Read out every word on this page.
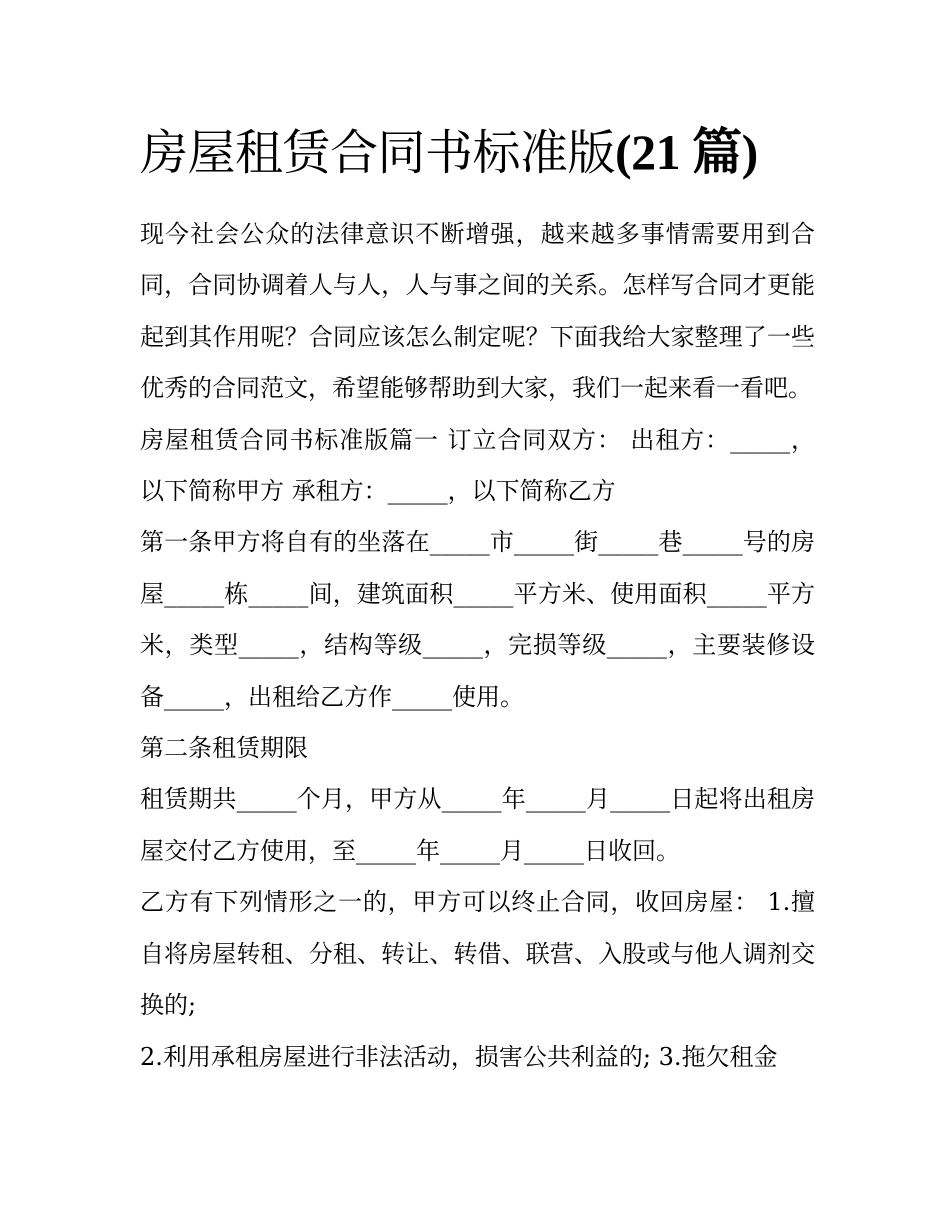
房屋租赁合同书标准版(21 篇)

现今社会公众的法律意识不断增强，越来越多事情需要用到合同，合同协调着人与人，人与事之间的关系。怎样写合同才更能起到其作用呢？合同应该怎么制定呢？下面我给大家整理了一些优秀的合同范文，希望能够帮助到大家，我们一起来看一看吧。

房屋租赁合同书标准版篇一 订立合同双方： 出租方：_____，以下简称甲方 承租方：_____，以下简称乙方

第一条甲方将自有的坐落在_____市_____街_____巷_____号的房屋_____栋_____间，建筑面积_____平方米、使用面积_____平方米，类型_____，结构等级_____，完损等级_____，主要装修设备_____，出租给乙方作_____使用。

第二条租赁期限

租赁期共_____个月，甲方从_____年_____月_____日起将出租房屋交付乙方使用，至_____年_____月_____日收回。

乙方有下列情形之一的，甲方可以终止合同，收回房屋： 1.擅自将房屋转租、分租、转让、转借、联营、入股或与他人调剂交换的;

2.利用承租房屋进行非法活动，损害公共利益的; 3.拖欠租金
